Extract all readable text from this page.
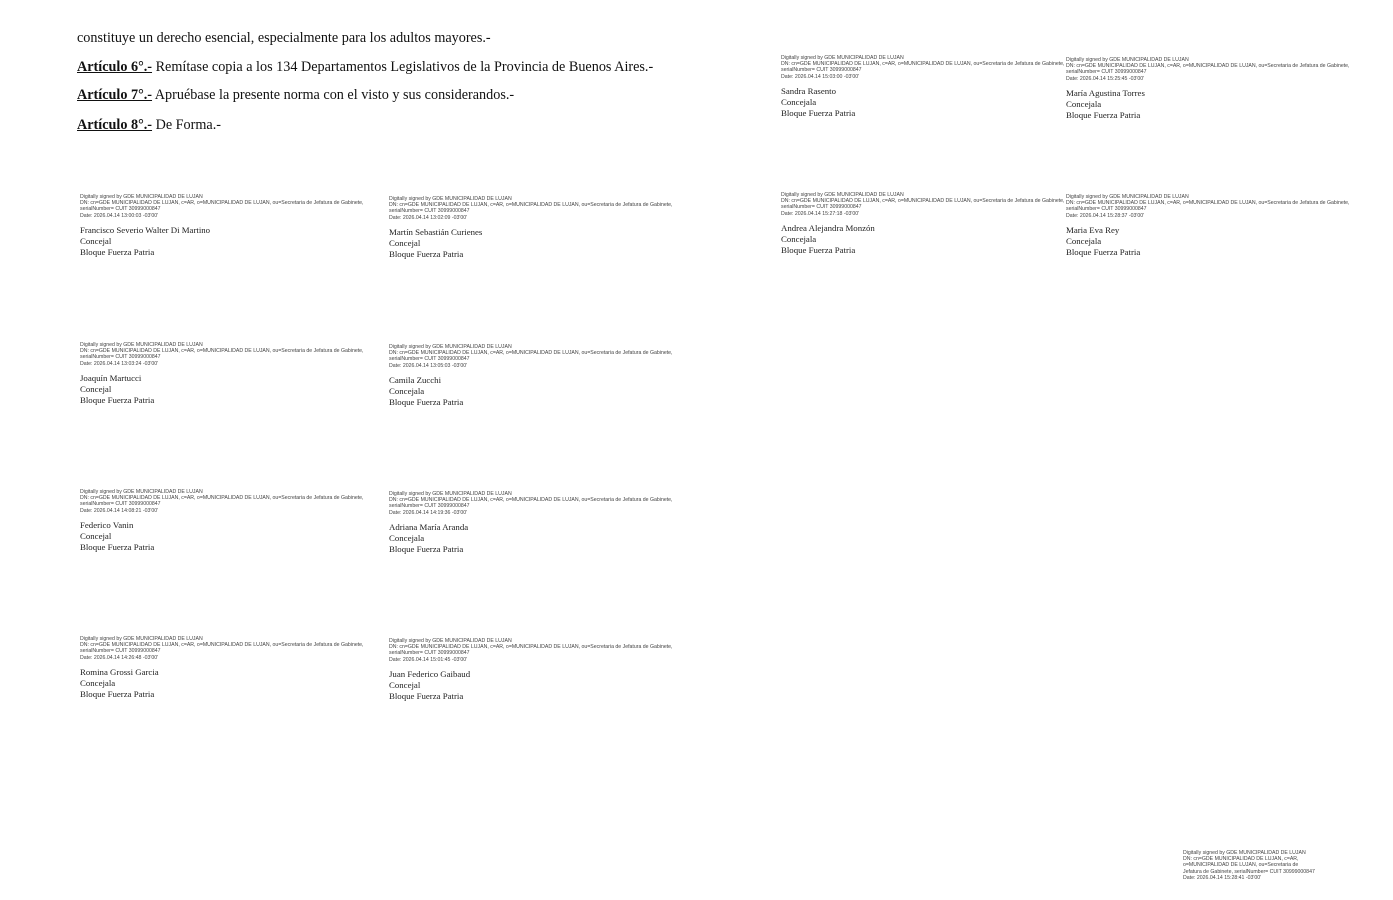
constituye un derecho esencial, especialmente para los adultos mayores.-
Artículo 6°.- Remítase copia a los 134 Departamentos Legislativos de la Provincia de Buenos Aires.-
Artículo 7°.- Apruébase la presente norma con el visto y sus considerandos.-
Artículo 8°.- De Forma.-
Digitally signed by GDE MUNICIPALIDAD DE LUJAN
DN: cn=GDE MUNICIPALIDAD DE LUJAN, c=AR, o=MUNICIPALIDAD DE LUJAN, ou=Secretaria de Jefatura de Gabinete, serialNumber= CUIT 30999000847
Date: 2026.04.14 13:00:03 -03'00'
Francisco Severio Walter Di Martino
Concejal
Bloque Fuerza Patria
Digitally signed by GDE MUNICIPALIDAD DE LUJAN
DN: cn=GDE MUNICIPALIDAD DE LUJAN, c=AR, o=MUNICIPALIDAD DE LUJAN, ou=Secretaria de Jefatura de Gabinete, serialNumber= CUIT 30999000847
Date: 2026.04.14 13:02:09 -03'00'
Martín Sebastián Curienes
Concejal
Bloque Fuerza Patria
Digitally signed by GDE MUNICIPALIDAD DE LUJAN
DN: cn=GDE MUNICIPALIDAD DE LUJAN, c=AR, o=MUNICIPALIDAD DE LUJAN, ou=Secretaria de Jefatura de Gabinete, serialNumber= CUIT 30999000847
Date: 2026.04.14 13:03:24 -03'00'
Joaquín Martucci
Concejal
Bloque Fuerza Patria
Digitally signed by GDE MUNICIPALIDAD DE LUJAN
DN: cn=GDE MUNICIPALIDAD DE LUJAN, c=AR, o=MUNICIPALIDAD DE LUJAN, ou=Secretaria de Jefatura de Gabinete, serialNumber= CUIT 30999000847
Date: 2026.04.14 13:05:03 -03'00'
Camila Zucchi
Concejala
Bloque Fuerza Patria
Digitally signed by GDE MUNICIPALIDAD DE LUJAN
DN: cn=GDE MUNICIPALIDAD DE LUJAN, c=AR, o=MUNICIPALIDAD DE LUJAN, ou=Secretaria de Jefatura de Gabinete, serialNumber= CUIT 30999000847
Date: 2026.04.14 14:08:21 -03'00'
Federico Vanin
Concejal
Bloque Fuerza Patria
Digitally signed by GDE MUNICIPALIDAD DE LUJAN
DN: cn=GDE MUNICIPALIDAD DE LUJAN, c=AR, o=MUNICIPALIDAD DE LUJAN, ou=Secretaria de Jefatura de Gabinete, serialNumber= CUIT 30999000847
Date: 2026.04.14 14:19:36 -03'00'
Adriana María Aranda
Concejala
Bloque Fuerza Patria
Digitally signed by GDE MUNICIPALIDAD DE LUJAN
DN: cn=GDE MUNICIPALIDAD DE LUJAN, c=AR, o=MUNICIPALIDAD DE LUJAN, ou=Secretaria de Jefatura de Gabinete, serialNumber= CUIT 30999000847
Date: 2026.04.14 14:26:48 -03'00'
Romina Grossi Garcia
Concejala
Bloque Fuerza Patria
Digitally signed by GDE MUNICIPALIDAD DE LUJAN
DN: cn=GDE MUNICIPALIDAD DE LUJAN, c=AR, o=MUNICIPALIDAD DE LUJAN, ou=Secretaria de Jefatura de Gabinete, serialNumber= CUIT 30999000847
Date: 2026.04.14 15:01:45 -03'00'
Juan Federico Gaibaud
Concejal
Bloque Fuerza Patria
Digitally signed by GDE MUNICIPALIDAD DE LUJAN
DN: cn=GDE MUNICIPALIDAD DE LUJAN, c=AR, o=MUNICIPALIDAD DE LUJAN, ou=Secretaria de Jefatura de Gabinete, serialNumber= CUIT 30999000847
Date: 2026.04.14 15:03:00 -03'00'
Sandra Rasento
Concejala
Bloque Fuerza Patria
Digitally signed by GDE MUNICIPALIDAD DE LUJAN
DN: cn=GDE MUNICIPALIDAD DE LUJAN, c=AR, o=MUNICIPALIDAD DE LUJAN, ou=Secretaria de Jefatura de Gabinete, serialNumber= CUIT 30999000847
Date: 2026.04.14 15:25:45 -03'00'
María Agustina Torres
Concejala
Bloque Fuerza Patria
Digitally signed by GDE MUNICIPALIDAD DE LUJAN
DN: cn=GDE MUNICIPALIDAD DE LUJAN, c=AR, o=MUNICIPALIDAD DE LUJAN, ou=Secretaria de Jefatura de Gabinete, serialNumber= CUIT 30999000847
Date: 2026.04.14 15:27:18 -03'00'
Andrea Alejandra Monzón
Concejala
Bloque Fuerza Patria
Digitally signed by GDE MUNICIPALIDAD DE LUJAN
DN: cn=GDE MUNICIPALIDAD DE LUJAN, c=AR, o=MUNICIPALIDAD DE LUJAN, ou=Secretaria de Jefatura de Gabinete, serialNumber= CUIT 30999000847
Date: 2026.04.14 15:28:37 -03'00'
Maria Eva Rey
Concejala
Bloque Fuerza Patria
Digitally signed by GDE MUNICIPALIDAD DE LUJAN
DN: cn=GDE MUNICIPALIDAD DE LUJAN, c=AR, o=MUNICIPALIDAD DE LUJAN, ou=Secretaria de Jefatura de Gabinete, serialNumber= CUIT 30999000847
Date: 2026.04.14 15:28:41 -03'00'
